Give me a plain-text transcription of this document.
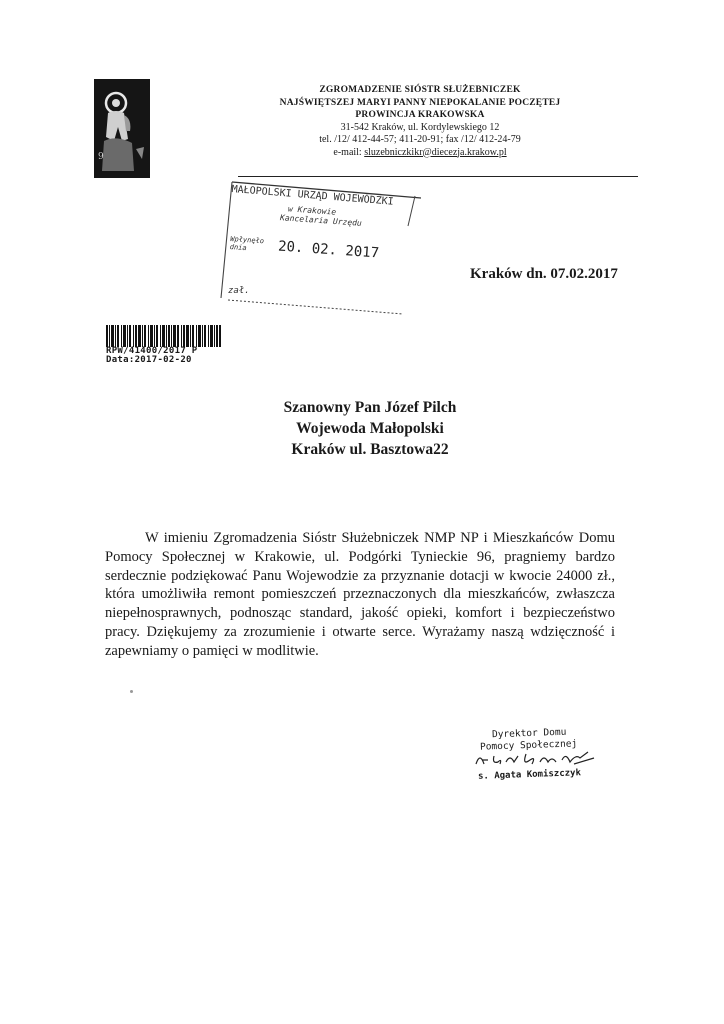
9
ZGROMADZENIE SIÓSTR SŁUŻEBNICZEK
NAJŚWIĘTSZEJ MARYI PANNY NIEPOKALANIE POCZĘTEJ
PROWINCJA KRAKOWSKA
31-542 Kraków, ul. Kordylewskiego 12
tel. /12/ 412-44-57; 411-20-91; fax /12/ 412-24-79
e-mail: sluzebniczkikr@diecezja.krakow.pl
MAŁOPOLSKI URZĄD WOJEWÓDZKI
w Krakowie
Kancelaria Urzędu
Wpłynęło dnia	20. 02. 2017
zał.
Kraków dn. 07.02.2017
RPW/41400/2017 P
Data:2017-02-20
Szanowny Pan Józef Pilch
Wojewoda Małopolski
Kraków ul. Basztowa22
W imieniu Zgromadzenia Sióstr Służebniczek NMP NP i Mieszkańców Domu Pomocy Społecznej w Krakowie, ul. Podgórki Tynieckie 96, pragniemy bardzo serdecznie podziękować Panu Wojewodzie za przyznanie dotacji w kwocie 24000 zł., która umożliwiła remont pomieszczeń przeznaczonych dla mieszkańców, zwłaszcza niepełnosprawnych, podnosząc standard, jakość opieki, komfort i bezpieczeństwo pracy. Dziękujemy za zrozumienie i otwarte serce. Wyrażamy naszą wdzięczność i zapewniamy o pamięci w modlitwie.
Dyrektor Domu
Pomocy Społecznej
s. Agata Komiszczyk
